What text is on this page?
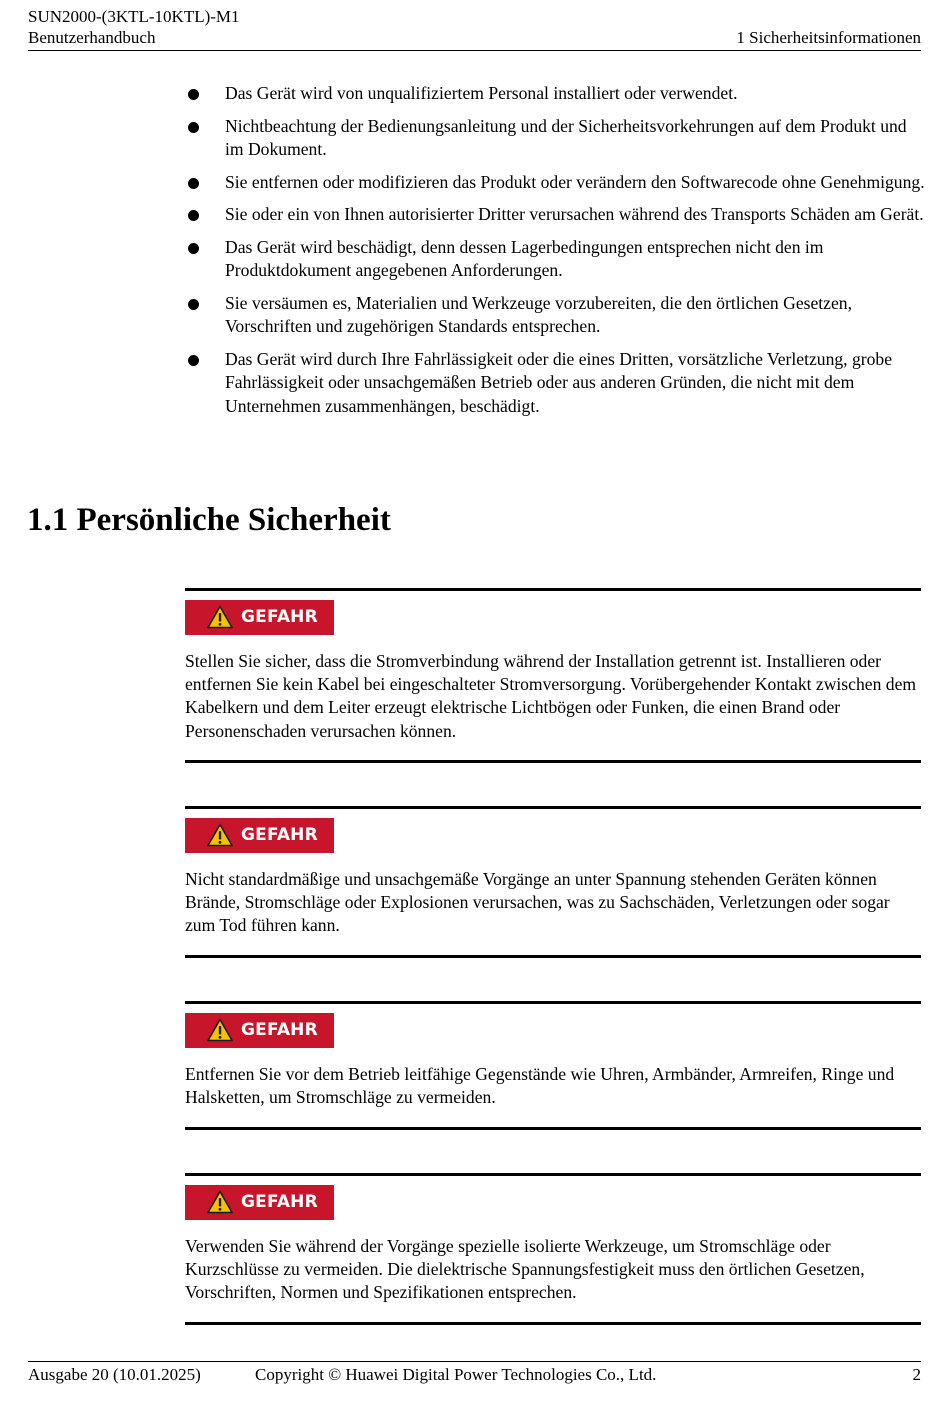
SUN2000-(3KTL-10KTL)-M1
Benutzerhandbuch	1 Sicherheitsinformationen
Das Gerät wird von unqualifiziertem Personal installiert oder verwendet.
Nichtbeachtung der Bedienungsanleitung und der Sicherheitsvorkehrungen auf dem Produkt und im Dokument.
Sie entfernen oder modifizieren das Produkt oder verändern den Softwarecode ohne Genehmigung.
Sie oder ein von Ihnen autorisierter Dritter verursachen während des Transports Schäden am Gerät.
Das Gerät wird beschädigt, denn dessen Lagerbedingungen entsprechen nicht den im Produktdokument angegebenen Anforderungen.
Sie versäumen es, Materialien und Werkzeuge vorzubereiten, die den örtlichen Gesetzen, Vorschriften und zugehörigen Standards entsprechen.
Das Gerät wird durch Ihre Fahrlässigkeit oder die eines Dritten, vorsätzliche Verletzung, grobe Fahrlässigkeit oder unsachgemäßen Betrieb oder aus anderen Gründen, die nicht mit dem Unternehmen zusammenhängen, beschädigt.
1.1 Persönliche Sicherheit
GEFAHR
Stellen Sie sicher, dass die Stromverbindung während der Installation getrennt ist. Installieren oder entfernen Sie kein Kabel bei eingeschalteter Stromversorgung. Vorübergehender Kontakt zwischen dem Kabelkern und dem Leiter erzeugt elektrische Lichtbögen oder Funken, die einen Brand oder Personenschaden verursachen können.
GEFAHR
Nicht standardmäßige und unsachgemäße Vorgänge an unter Spannung stehenden Geräten können Brände, Stromschläge oder Explosionen verursachen, was zu Sachschäden, Verletzungen oder sogar zum Tod führen kann.
GEFAHR
Entfernen Sie vor dem Betrieb leitfähige Gegenstände wie Uhren, Armbänder, Armreifen, Ringe und Halsketten, um Stromschläge zu vermeiden.
GEFAHR
Verwenden Sie während der Vorgänge spezielle isolierte Werkzeuge, um Stromschläge oder Kurzschlüsse zu vermeiden. Die dielektrische Spannungsfestigkeit muss den örtlichen Gesetzen, Vorschriften, Normen und Spezifikationen entsprechen.
Ausgabe 20 (10.01.2025)	Copyright © Huawei Digital Power Technologies Co., Ltd.	2
